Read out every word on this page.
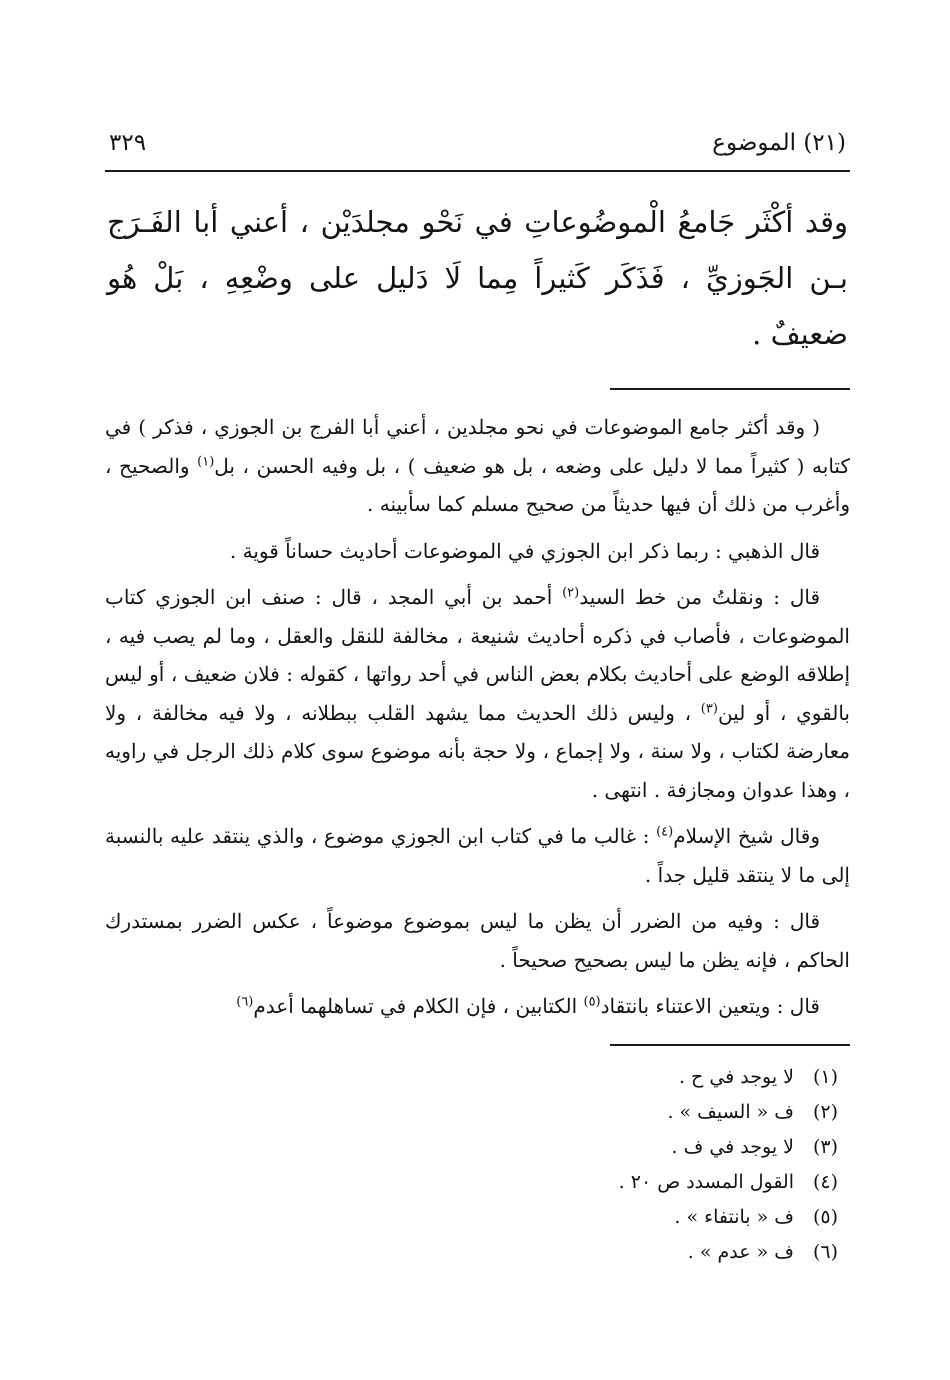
(٢١) الموضوع
٣٢٩
وقد أكْثَر جَامعُ الْموضُوعاتِ في نَحْو مجلدَيْن ، أعني أبا الفَـرَج بـن الجَوزيِّ ، فَذَكَر كَثيراً مِما لَا دَليل على وضْعِهِ ، بَلْ هُو ضعيفٌ .

( وقد أكثر جامع الموضوعات في نحو مجلدين ، أعني أبا الفرج بن الجوزي ، فذكر ) في كتابه ( كثيراً مما لا دليل على وضعه ، بل هو ضعيف ) ، بل وفيه الحسن ، بل$^{(١)}$ والصحيح ، وأغرب من ذلك أن فيها حديثاً من صحيح مسلم كما سأبينه .

قال الذهبي : ربما ذكر ابن الجوزي في الموضوعات أحاديث حساناً قوية .

قال : ونقلتُ من خط السيد$^{(٢)}$ أحمد بن أبي المجد ، قال : صنف ابن الجوزي كتاب الموضوعات ، فأصاب في ذكره أحاديث شنيعة ، مخالفة للنقل والعقل ، وما لم يصب فيه ، إطلاقه الوضع على أحاديث بكلام بعض الناس في أحد رواتها ، كقوله : فلان ضعيف ، أو ليس بالقوي ، أو لين$^{(٣)}$ ، وليس ذلك الحديث مما يشهد القلب ببطلانه ، ولا فيه مخالفة ، ولا معارضة لكتاب ، ولا سنة ، ولا إجماع ، ولا حجة بأنه موضوع سوى كلام ذلك الرجل في راويه ، وهذا عدوان ومجازفة . انتهى .

وقال شيخ الإسلام$^{(٤)}$ : غالب ما في كتاب ابن الجوزي موضوع ، والذي ينتقد عليه بالنسبة إلى ما لا ينتقد قليل جداً .

قال : وفيه من الضرر أن يظن ما ليس بموضوع موضوعاً ، عكس الضرر بمستدرك الحاكم ، فإنه يظن ما ليس بصحيح صحيحاً .

قال : ويتعين الاعتناء بانتقاد$^{(٥)}$ الكتابين ، فإن الكلام في تساهلهما أعدم$^{(٦)}$

(١)
لا يوجد في ح .
(٢)
ف « السيف » .
(٣)
لا يوجد في ف .
(٤)
القول المسدد ص ٢٠ .
(٥)
ف « بانتفاء » .
(٦)
ف « عدم » .
